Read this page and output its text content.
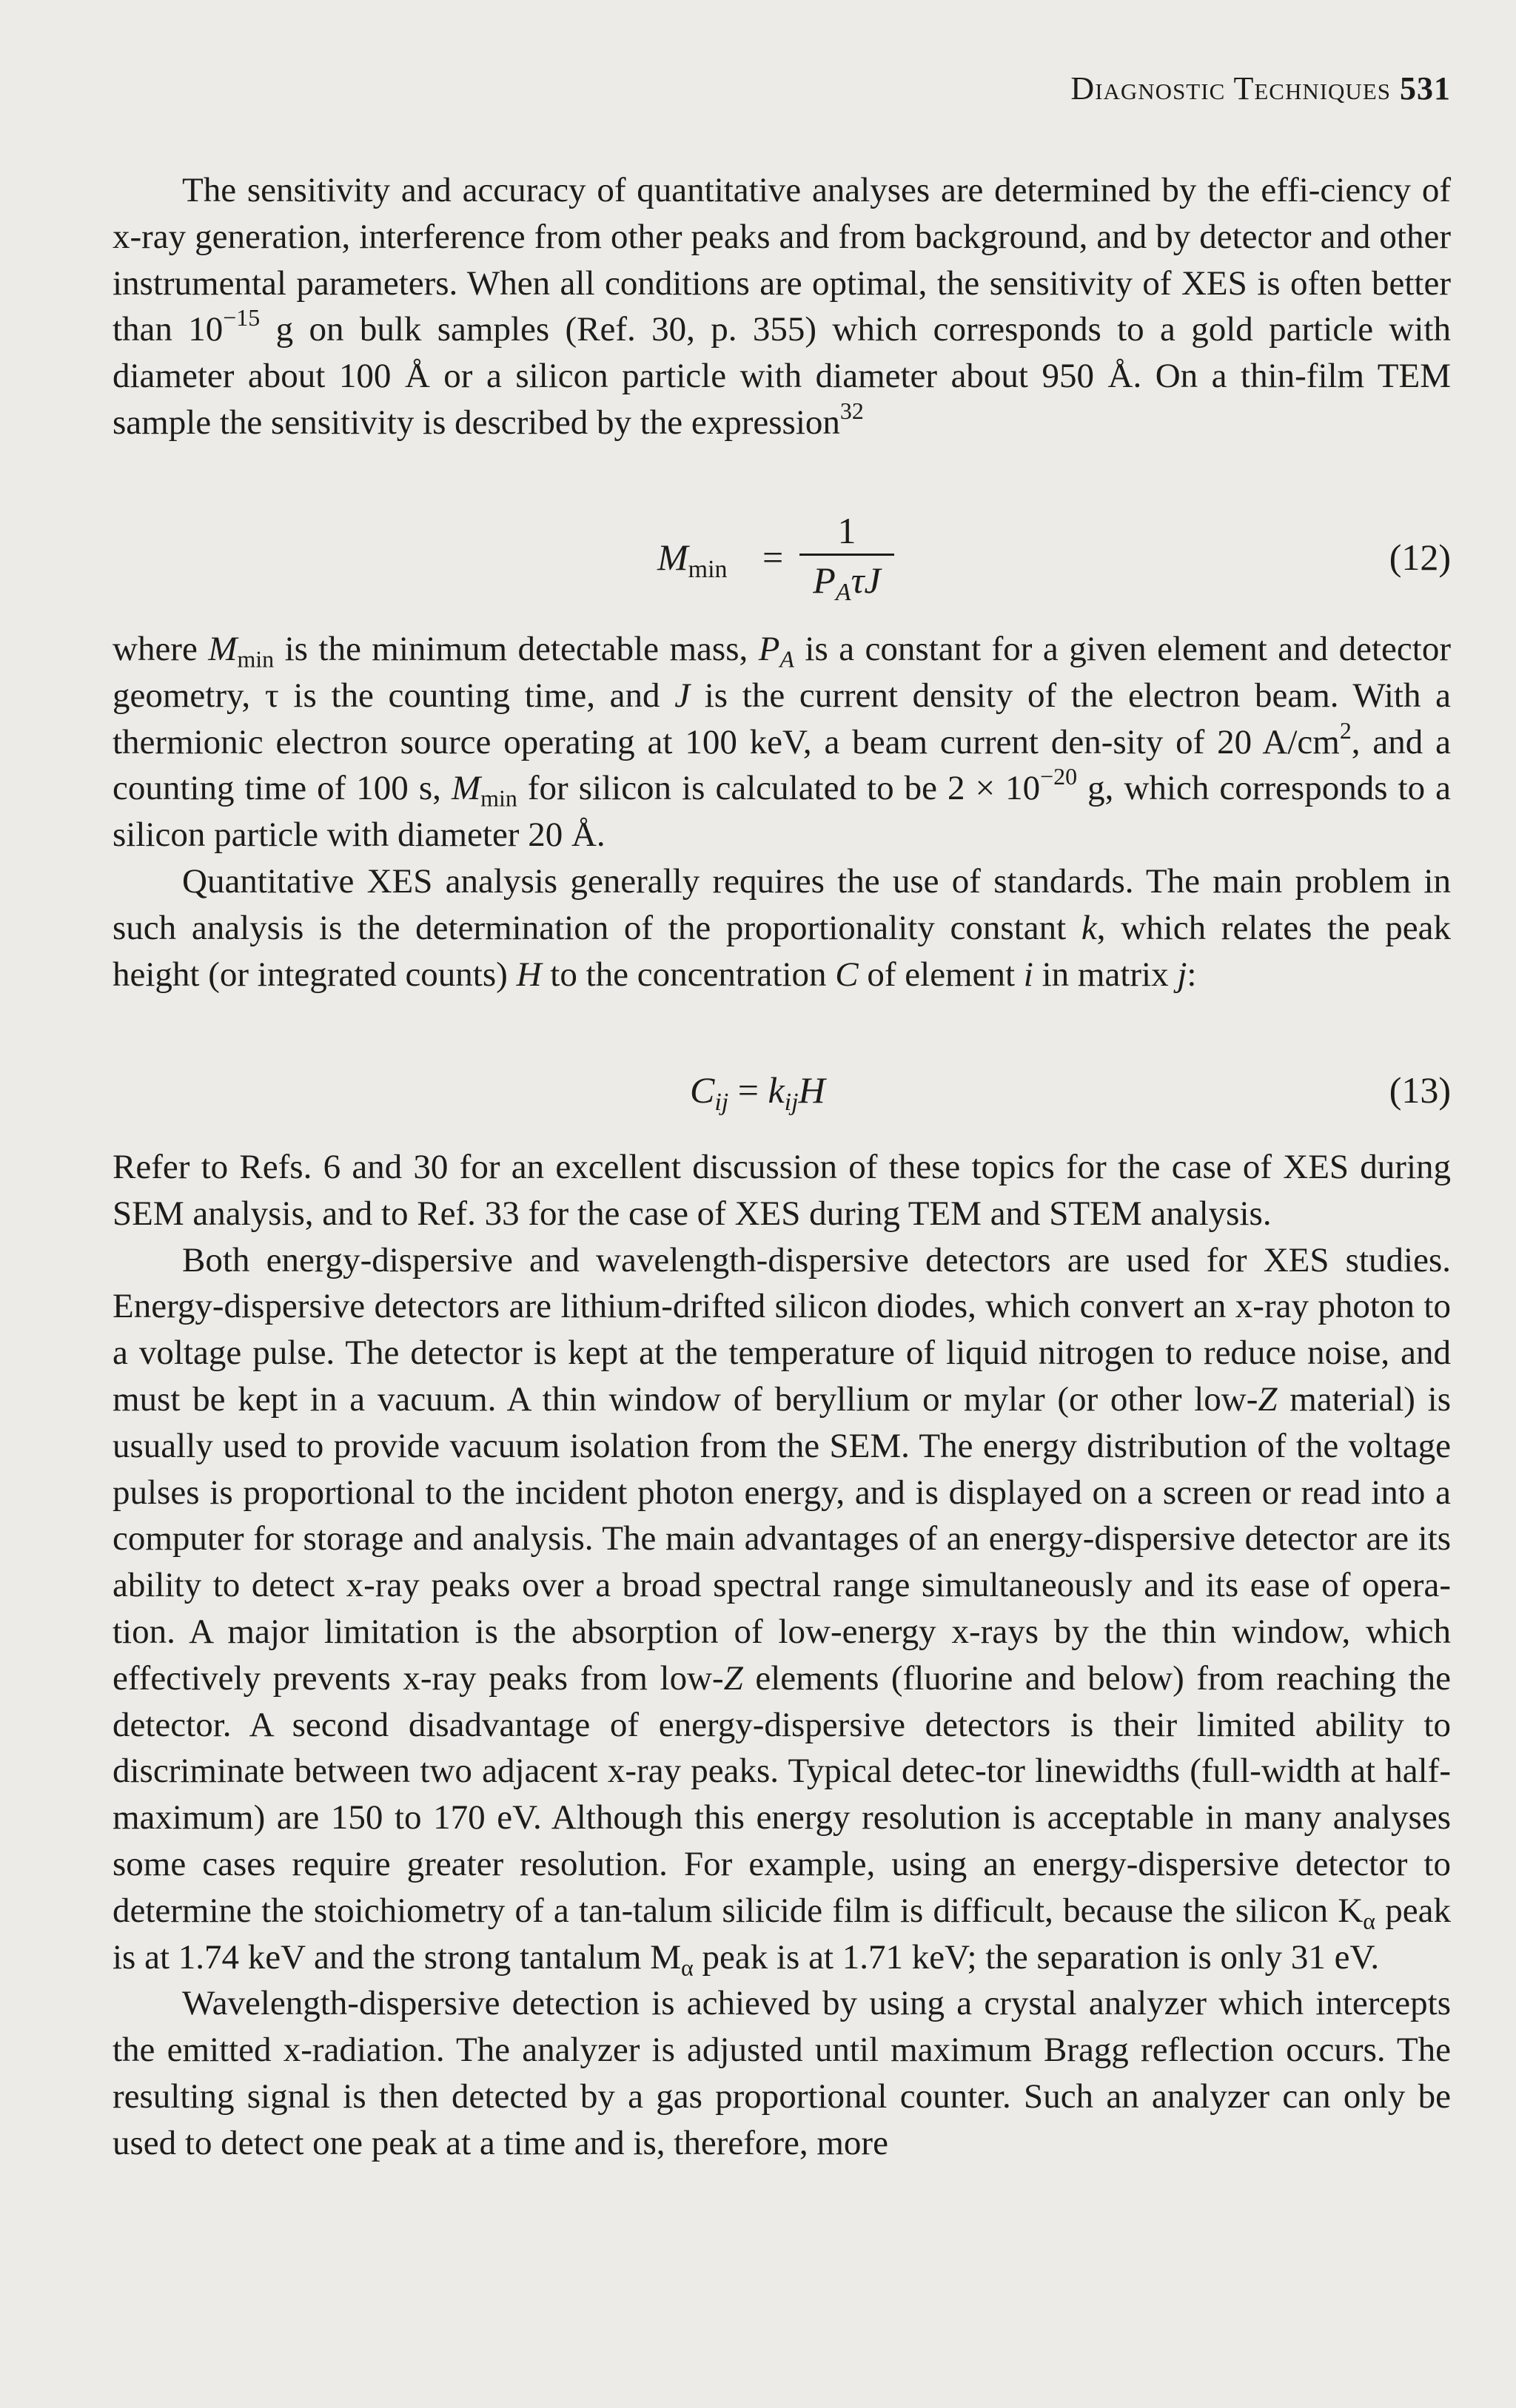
Diagnostic Techniques 531

The sensitivity and accuracy of quantitative analyses are determined by the effi-ciency of x-ray generation, interference from other peaks and from background, and by detector and other instrumental parameters. When all conditions are optimal, the sensitivity of XES is often better than $10^{-15}$ g on bulk samples (Ref. 30, p. 355) which corresponds to a gold particle with diameter about 100 Å or a silicon particle with diameter about 950 Å. On a thin-film TEM sample the sensitivity is described by the expression$^{32}$

$M_{min}$ =
1
$P_A\tau J$
(12)

where $M_{min}$ is the minimum detectable mass, $P_A$ is a constant for a given element and detector geometry, τ is the counting time, and J is the current density of the electron beam. With a thermionic electron source operating at 100 keV, a beam current den-sity of 20 $A/cm^2$, and a counting time of 100 s, $M_{min}$ for silicon is calculated to be $2 \times 10^{-20}$ g, which corresponds to a silicon particle with diameter 20 Å.

Quantitative XES analysis generally requires the use of standards. The main problem in such analysis is the determination of the proportionality constant k, which relates the peak height (or integrated counts) H to the concentration C of element i in matrix j:

$C_{ij} = k_{ij}H$	(13)

Refer to Refs. 6 and 30 for an excellent discussion of these topics for the case of XES during SEM analysis, and to Ref. 33 for the case of XES during TEM and STEM analysis.

Both energy-dispersive and wavelength-dispersive detectors are used for XES studies. Energy-dispersive detectors are lithium-drifted silicon diodes, which convert an x-ray photon to a voltage pulse. The detector is kept at the temperature of liquid nitrogen to reduce noise, and must be kept in a vacuum. A thin window of beryllium or mylar (or other low-Z material) is usually used to provide vacuum isolation from the SEM. The energy distribution of the voltage pulses is proportional to the incident photon energy, and is displayed on a screen or read into a computer for storage and analysis. The main advantages of an energy-dispersive detector are its ability to detect x-ray peaks over a broad spectral range simultaneously and its ease of opera-tion. A major limitation is the absorption of low-energy x-rays by the thin window, which effectively prevents x-ray peaks from low-Z elements (fluorine and below) from reaching the detector. A second disadvantage of energy-dispersive detectors is their limited ability to discriminate between two adjacent x-ray peaks. Typical detec-tor linewidths (full-width at half-maximum) are 150 to 170 eV. Although this energy resolution is acceptable in many analyses some cases require greater resolution. For example, using an energy-dispersive detector to determine the stoichiometry of a tan-talum silicide film is difficult, because the silicon $K_\alpha$ peak is at 1.74 keV and the strong tantalum $M_\alpha$ peak is at 1.71 keV; the separation is only 31 eV.

Wavelength-dispersive detection is achieved by using a crystal analyzer which intercepts the emitted x-radiation. The analyzer is adjusted until maximum Bragg reflection occurs. The resulting signal is then detected by a gas proportional counter. Such an analyzer can only be used to detect one peak at a time and is, therefore, more
